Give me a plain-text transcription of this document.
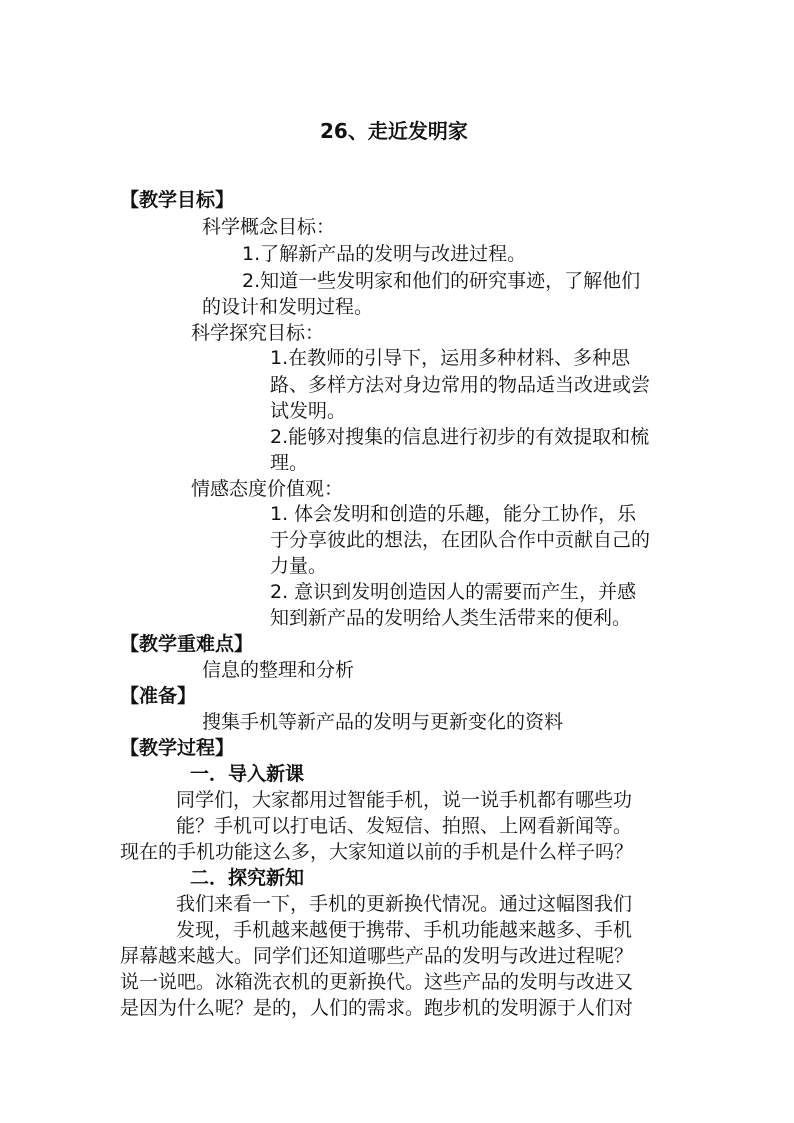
26、走近发明家

【教学目标】

科学概念目标：

1.了解新产品的发明与改进过程。

2.知道一些发明家和他们的研究事迹，了解他们

的设计和发明过程。

科学探究目标：

1.在教师的引导下，运用多种材料、多种思

路、多样方法对身边常用的物品适当改进或尝

试发明。

2.能够对搜集的信息进行初步的有效提取和梳

理。

情感态度价值观：

1. 体会发明和创造的乐趣，能分工协作，乐

于分享彼此的想法，在团队合作中贡献自己的

力量。

2. 意识到发明创造因人的需要而产生，并感

知到新产品的发明给人类生活带来的便利。

【教学重难点】

信息的整理和分析

【准备】

搜集手机等新产品的发明与更新变化的资料

【教学过程】

一．导入新课

同学们，大家都用过智能手机，说一说手机都有哪些功

能？手机可以打电话、发短信、拍照、上网看新闻等。

现在的手机功能这么多，大家知道以前的手机是什么样子吗？

二．探究新知

我们来看一下，手机的更新换代情况。通过这幅图我们

发现，手机越来越便于携带、手机功能越来越多、手机

屏幕越来越大。同学们还知道哪些产品的发明与改进过程呢？

说一说吧。冰箱洗衣机的更新换代。这些产品的发明与改进又

是因为什么呢？是的，人们的需求。跑步机的发明源于人们对
